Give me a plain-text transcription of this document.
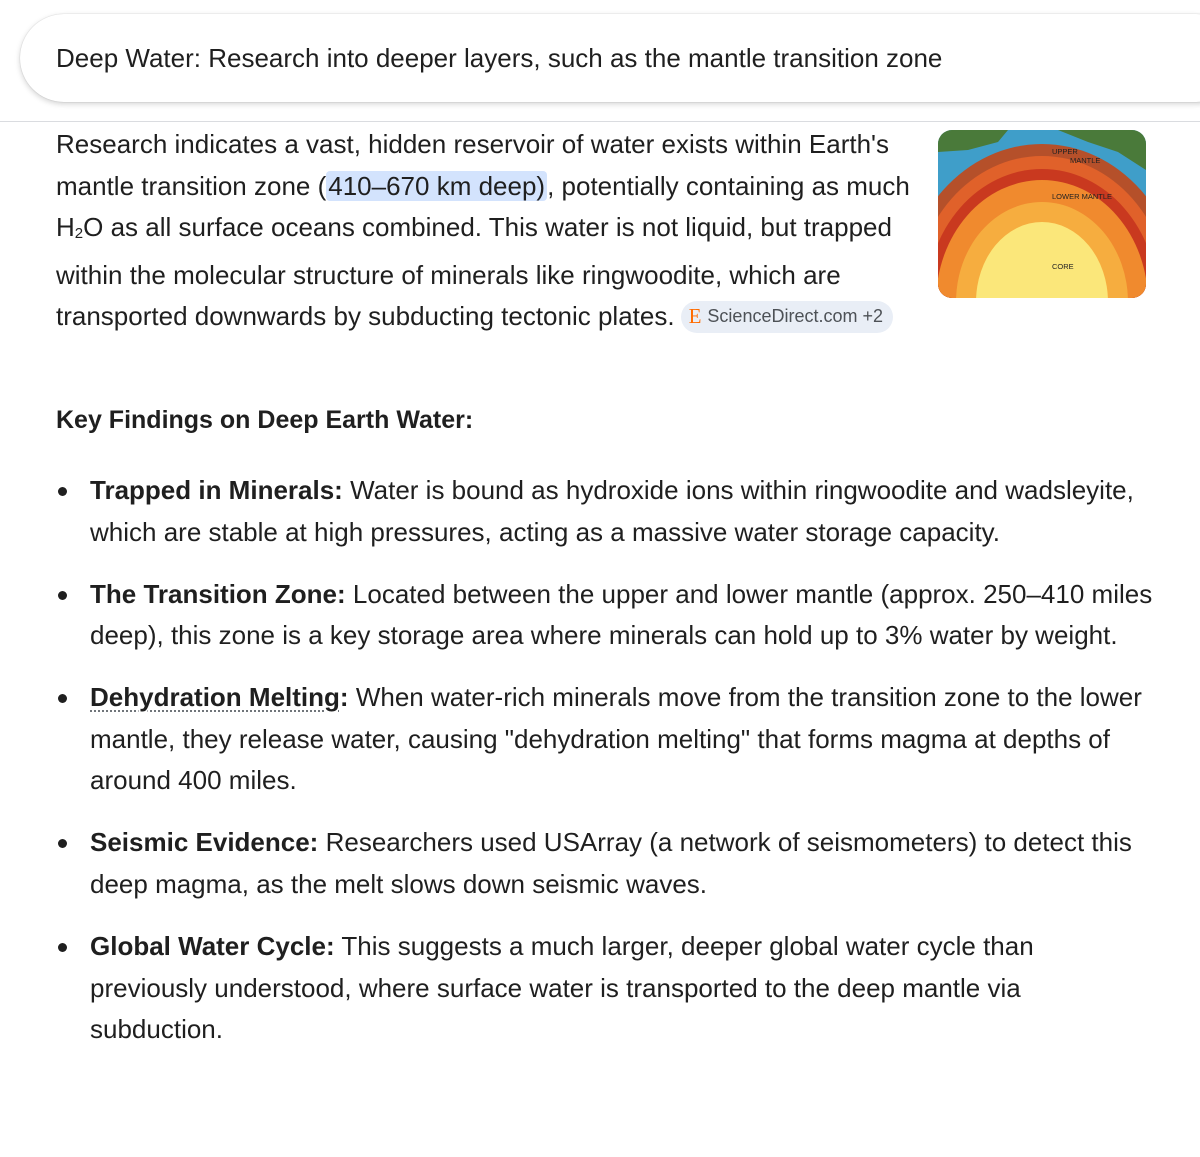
Deep Water: Research into deeper layers, such as the mantle transition zone

Research indicates a vast, hidden reservoir of water exists within Earth's mantle transition zone (410–670 km deep), potentially containing as much H2O as all surface oceans combined. This water is not liquid, but trapped within the molecular structure of minerals like ringwoodite, which are transported downwards by subducting tectonic plates. E ScienceDirect.com +2

UPPER
MANTLE
LOWER MANTLE
CORE
Key Findings on Deep Earth Water:
Trapped in Minerals: Water is bound as hydroxide ions within ringwoodite and wadsleyite, which are stable at high pressures, acting as a massive water storage capacity.
The Transition Zone: Located between the upper and lower mantle (approx. 250–410 miles deep), this zone is a key storage area where minerals can hold up to 3% water by weight.
Dehydration Melting: When water-rich minerals move from the transition zone to the lower mantle, they release water, causing "dehydration melting" that forms magma at depths of around 400 miles.
Seismic Evidence: Researchers used USArray (a network of seismometers) to detect this deep magma, as the melt slows down seismic waves.
Global Water Cycle: This suggests a much larger, deeper global water cycle than previously understood, where surface water is transported to the deep mantle via subduction.
